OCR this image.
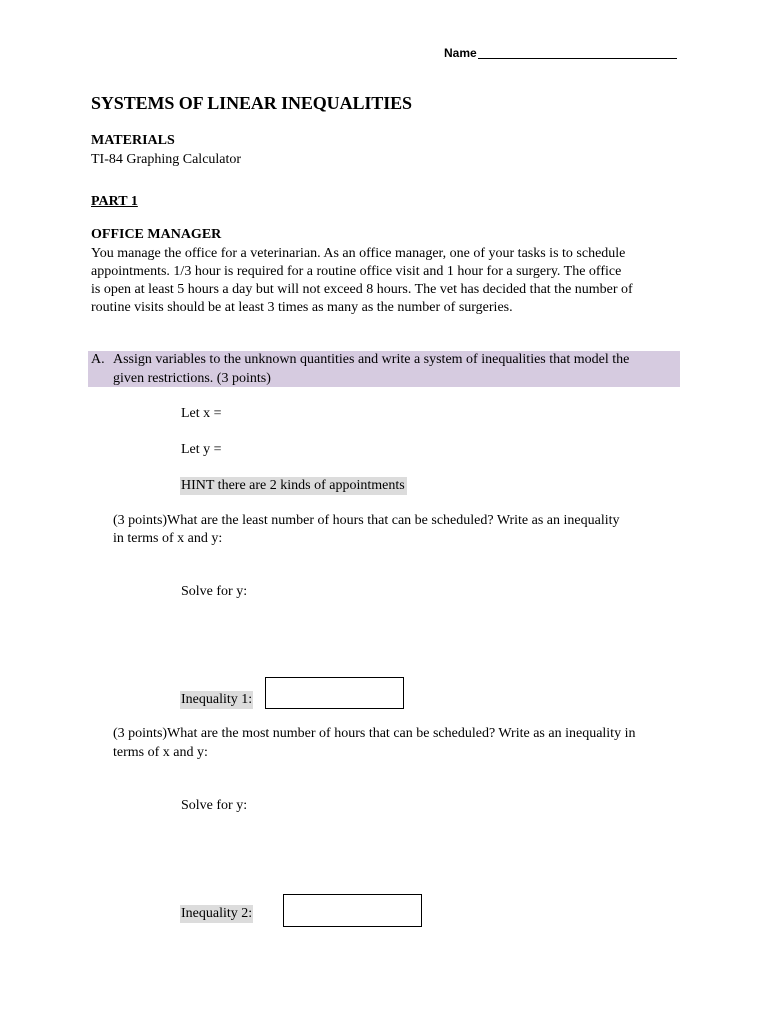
Name
SYSTEMS OF LINEAR INEQUALITIES
MATERIALS
TI-84 Graphing Calculator
PART 1
OFFICE MANAGER
You manage the office for a veterinarian. As an office manager, one of your tasks is to schedule
appointments. 1/3 hour is required for a routine office visit and 1 hour for a surgery. The office
is open at least 5 hours a day but will not exceed 8 hours. The vet has decided that the number of
routine visits should be at least 3 times as many as the number of surgeries.
A. Assign variables to the unknown quantities and write a system of inequalities that model the
given restrictions. (3 points)
Let x =
Let y =
HINT there are 2 kinds of appointments
(3 points)What are the least number of hours that can be scheduled? Write as an inequality
in terms of x and y:
Solve for y:
Inequality 1:
(3 points)What are the most number of hours that can be scheduled? Write as an inequality in
terms of x and y:
Solve for y:
Inequality 2:
